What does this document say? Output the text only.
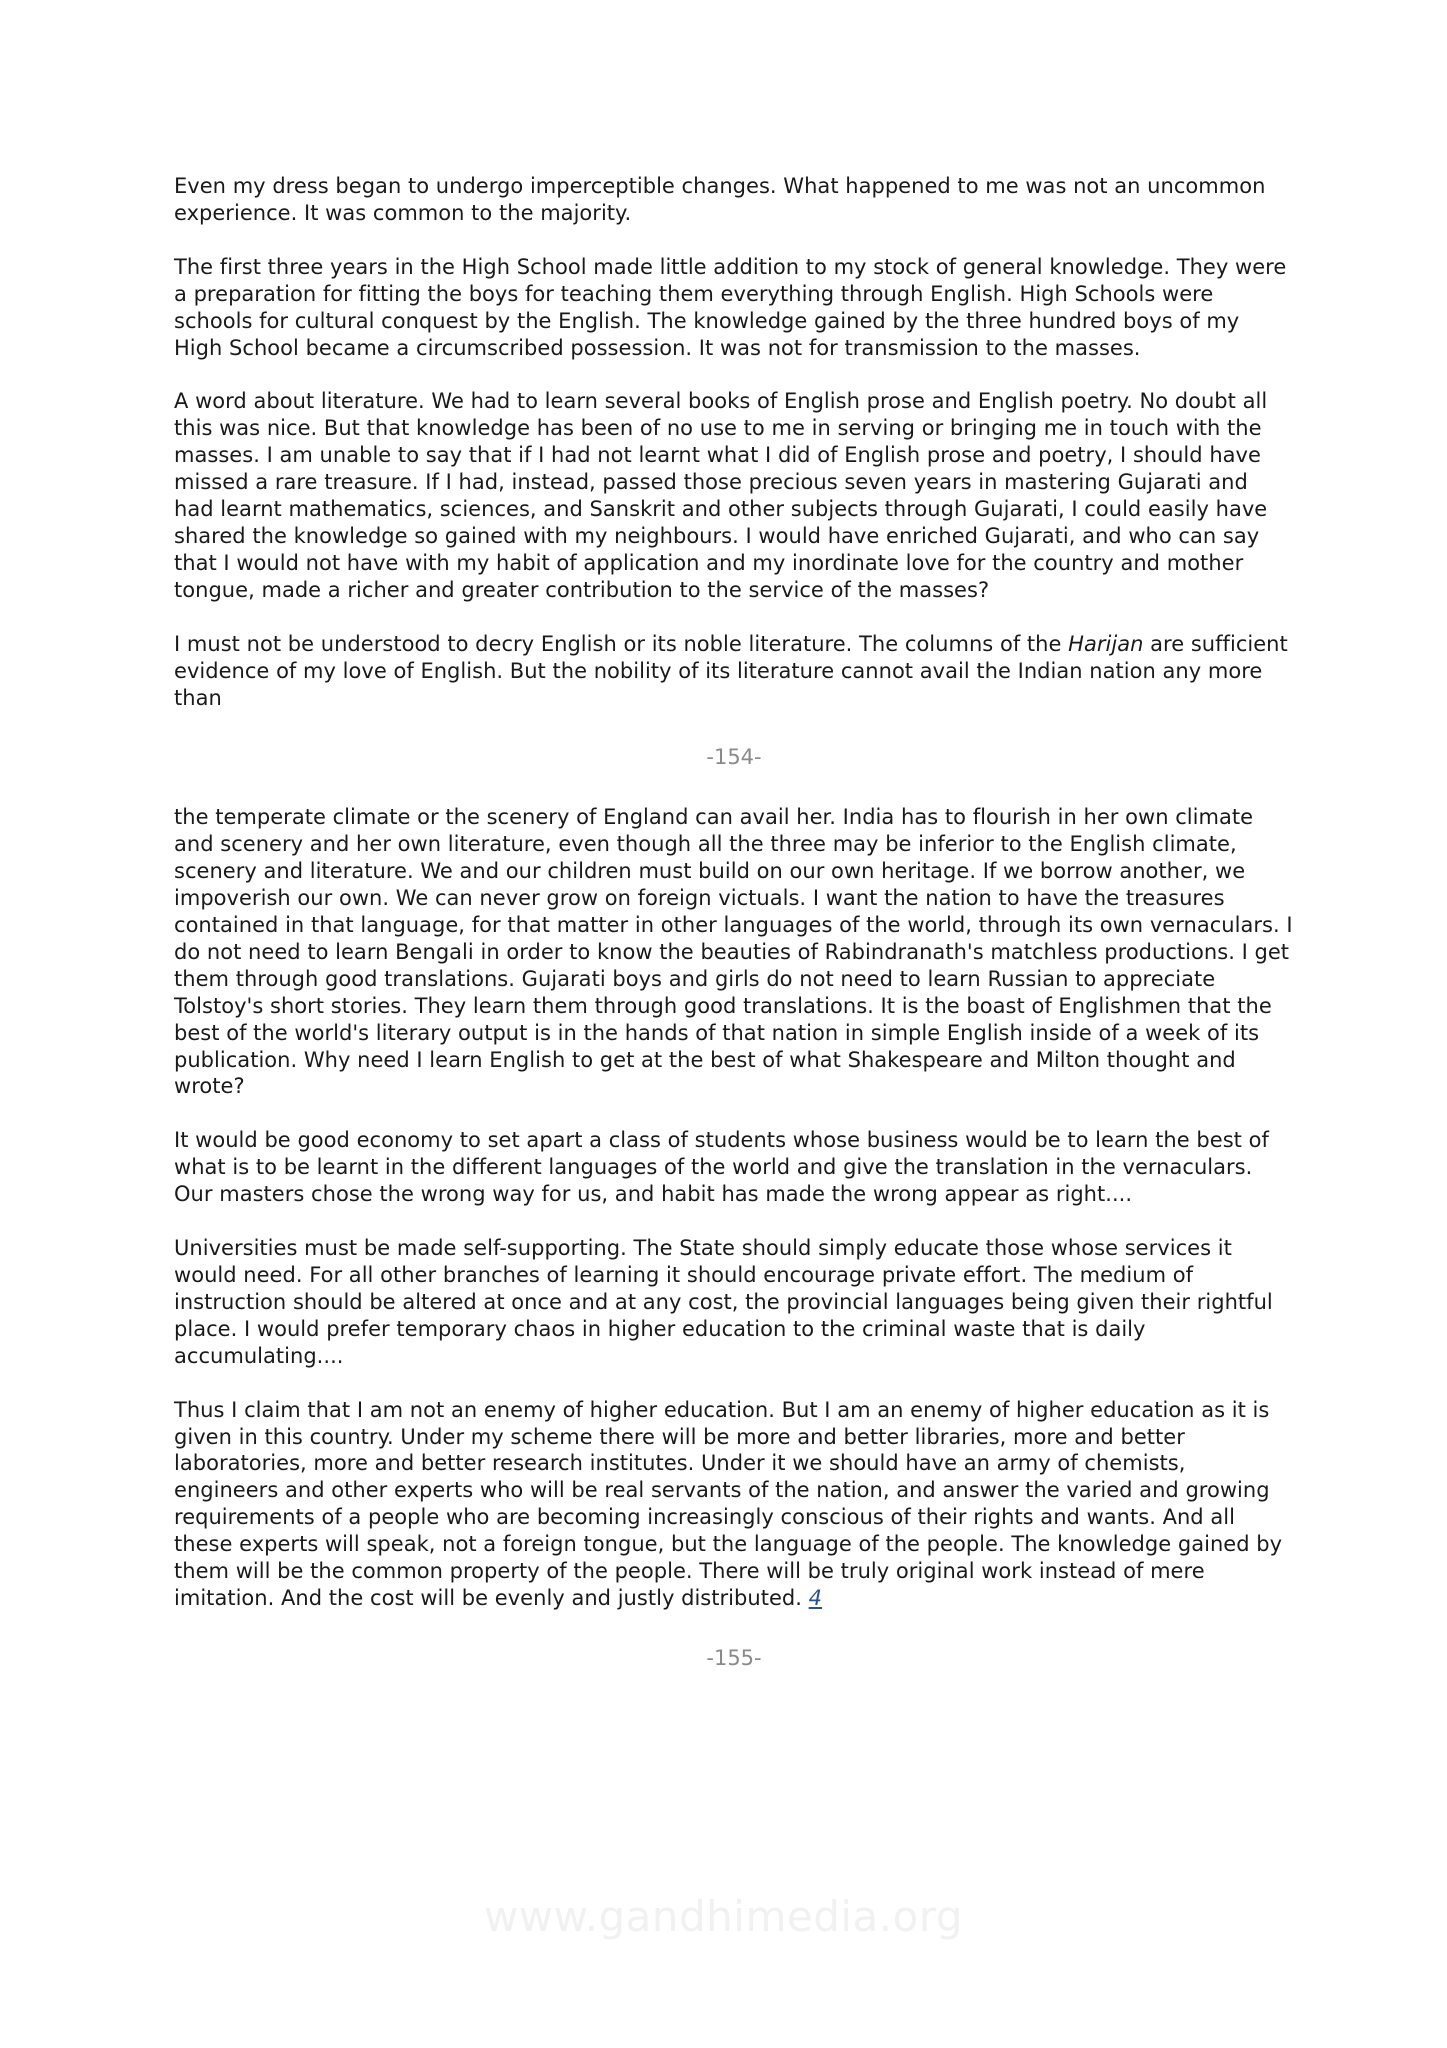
Even my dress began to undergo imperceptible changes. What happened to me was not an uncommon experience. It was common to the majority.

The first three years in the High School made little addition to my stock of general knowledge. They were a preparation for fitting the boys for teaching them everything through English. High Schools were schools for cultural conquest by the English. The knowledge gained by the three hundred boys of my High School became a circumscribed possession. It was not for transmission to the masses.

A word about literature. We had to learn several books of English prose and English poetry. No doubt all this was nice. But that knowledge has been of no use to me in serving or bringing me in touch with the masses. I am unable to say that if I had not learnt what I did of English prose and poetry, I should have missed a rare treasure. If I had, instead, passed those precious seven years in mastering Gujarati and had learnt mathematics, sciences, and Sanskrit and other subjects through Gujarati, I could easily have shared the knowledge so gained with my neighbours. I would have enriched Gujarati, and who can say that I would not have with my habit of application and my inordinate love for the country and mother tongue, made a richer and greater contribution to the service of the masses?

I must not be understood to decry English or its noble literature. The columns of the Harijan are sufficient evidence of my love of English. But the nobility of its literature cannot avail the Indian nation any more than

-154-

the temperate climate or the scenery of England can avail her. India has to flourish in her own climate and scenery and her own literature, even though all the three may be inferior to the English climate, scenery and literature. We and our children must build on our own heritage. If we borrow another, we impoverish our own. We can never grow on foreign victuals. I want the nation to have the treasures contained in that language, for that matter in other languages of the world, through its own vernaculars. I do not need to learn Bengali in order to know the beauties of Rabindranath's matchless productions. I get them through good translations. Gujarati boys and girls do not need to learn Russian to appreciate Tolstoy's short stories. They learn them through good translations. It is the boast of Englishmen that the best of the world's literary output is in the hands of that nation in simple English inside of a week of its publication. Why need I learn English to get at the best of what Shakespeare and Milton thought and wrote?

It would be good economy to set apart a class of students whose business would be to learn the best of what is to be learnt in the different languages of the world and give the translation in the vernaculars. Our masters chose the wrong way for us, and habit has made the wrong appear as right....

Universities must be made self-supporting. The State should simply educate those whose services it would need. For all other branches of learning it should encourage private effort. The medium of instruction should be altered at once and at any cost, the provincial languages being given their rightful place. I would prefer temporary chaos in higher education to the criminal waste that is daily accumulating....

Thus I claim that I am not an enemy of higher education. But I am an enemy of higher education as it is given in this country. Under my scheme there will be more and better libraries, more and better laboratories, more and better research institutes. Under it we should have an army of chemists, engineers and other experts who will be real servants of the nation, and answer the varied and growing requirements of a people who are becoming increasingly conscious of their rights and wants. And all these experts will speak, not a foreign tongue, but the language of the people. The knowledge gained by them will be the common property of the people. There will be truly original work instead of mere imitation. And the cost will be evenly and justly distributed. 4

-155-
www.gandhimedia.org
